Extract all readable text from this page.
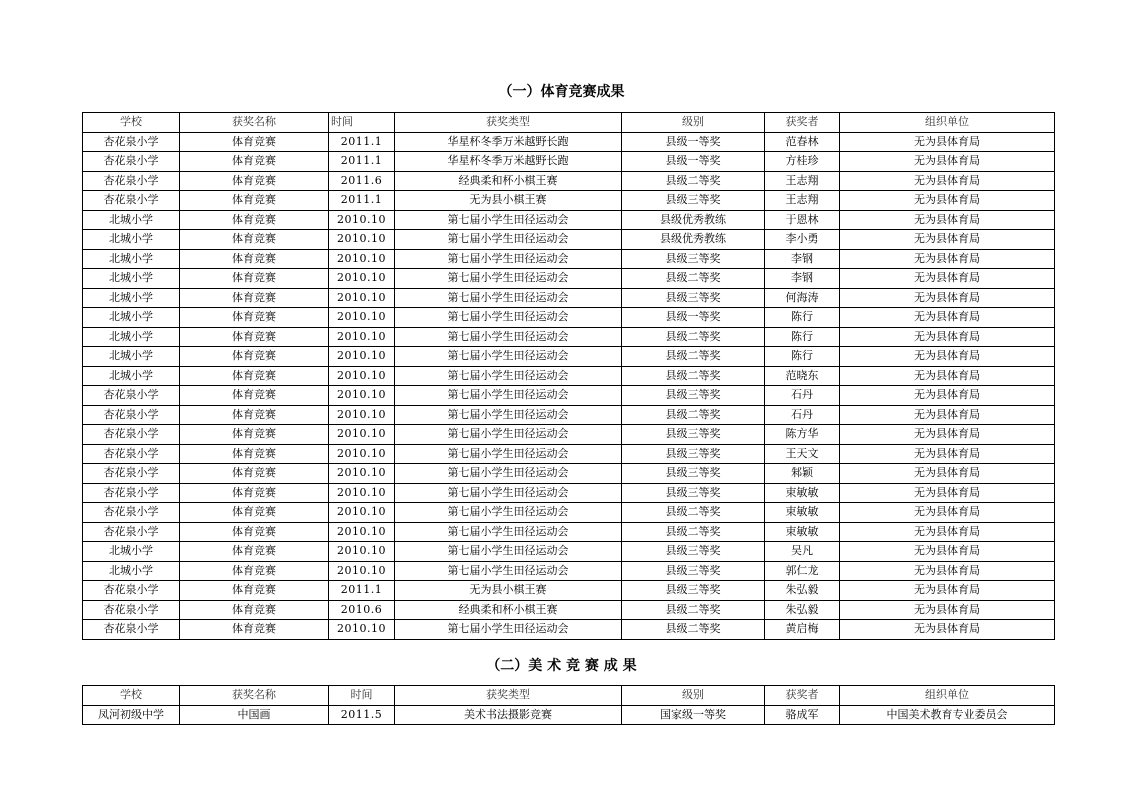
（一）体育竞赛成果
学校	获奖名称	时间	获奖类型	级别	获奖者	组织单位
杏花泉小学	体育竞赛	2011.1	华星杯冬季万米越野长跑	县级一等奖	范春林	无为县体育局
杏花泉小学	体育竞赛	2011.1	华星杯冬季万米越野长跑	县级一等奖	方桂珍	无为县体育局
杏花泉小学	体育竞赛	2011.6	经典柔和杯小棋王赛	县级二等奖	王志翔	无为县体育局
杏花泉小学	体育竞赛	2011.1	无为县小棋王赛	县级三等奖	王志翔	无为县体育局
北城小学	体育竞赛	2010.10	第七届小学生田径运动会	县级优秀教练	于恩林	无为县体育局
北城小学	体育竞赛	2010.10	第七届小学生田径运动会	县级优秀教练	李小勇	无为县体育局
北城小学	体育竞赛	2010.10	第七届小学生田径运动会	县级三等奖	李钢	无为县体育局
北城小学	体育竞赛	2010.10	第七届小学生田径运动会	县级二等奖	李钢	无为县体育局
北城小学	体育竞赛	2010.10	第七届小学生田径运动会	县级三等奖	何海涛	无为县体育局
北城小学	体育竞赛	2010.10	第七届小学生田径运动会	县级一等奖	陈行	无为县体育局
北城小学	体育竞赛	2010.10	第七届小学生田径运动会	县级二等奖	陈行	无为县体育局
北城小学	体育竞赛	2010.10	第七届小学生田径运动会	县级二等奖	陈行	无为县体育局
北城小学	体育竞赛	2010.10	第七届小学生田径运动会	县级二等奖	范晓东	无为县体育局
杏花泉小学	体育竞赛	2010.10	第七届小学生田径运动会	县级三等奖	石丹	无为县体育局
杏花泉小学	体育竞赛	2010.10	第七届小学生田径运动会	县级二等奖	石丹	无为县体育局
杏花泉小学	体育竞赛	2010.10	第七届小学生田径运动会	县级三等奖	陈方华	无为县体育局
杏花泉小学	体育竞赛	2010.10	第七届小学生田径运动会	县级三等奖	王天文	无为县体育局
杏花泉小学	体育竞赛	2010.10	第七届小学生田径运动会	县级三等奖	邾颖	无为县体育局
杏花泉小学	体育竞赛	2010.10	第七届小学生田径运动会	县级三等奖	束敏敏	无为县体育局
杏花泉小学	体育竞赛	2010.10	第七届小学生田径运动会	县级二等奖	束敏敏	无为县体育局
杏花泉小学	体育竞赛	2010.10	第七届小学生田径运动会	县级二等奖	束敏敏	无为县体育局
北城小学	体育竞赛	2010.10	第七届小学生田径运动会	县级三等奖	吴凡	无为县体育局
北城小学	体育竞赛	2010.10	第七届小学生田径运动会	县级三等奖	郭仁龙	无为县体育局
杏花泉小学	体育竞赛	2011.1	无为县小棋王赛	县级三等奖	朱弘毅	无为县体育局
杏花泉小学	体育竞赛	2010.6	经典柔和杯小棋王赛	县级二等奖	朱弘毅	无为县体育局
杏花泉小学	体育竞赛	2010.10	第七届小学生田径运动会	县级二等奖	黄启梅	无为县体育局
（二）美 术 竞 赛 成 果
学校	获奖名称	时间	获奖类型	级别	获奖者	组织单位
凤河初级中学	中国画	2011.5	美术书法摄影竞赛	国家级一等奖	骆成军	中国美术教育专业委员会
